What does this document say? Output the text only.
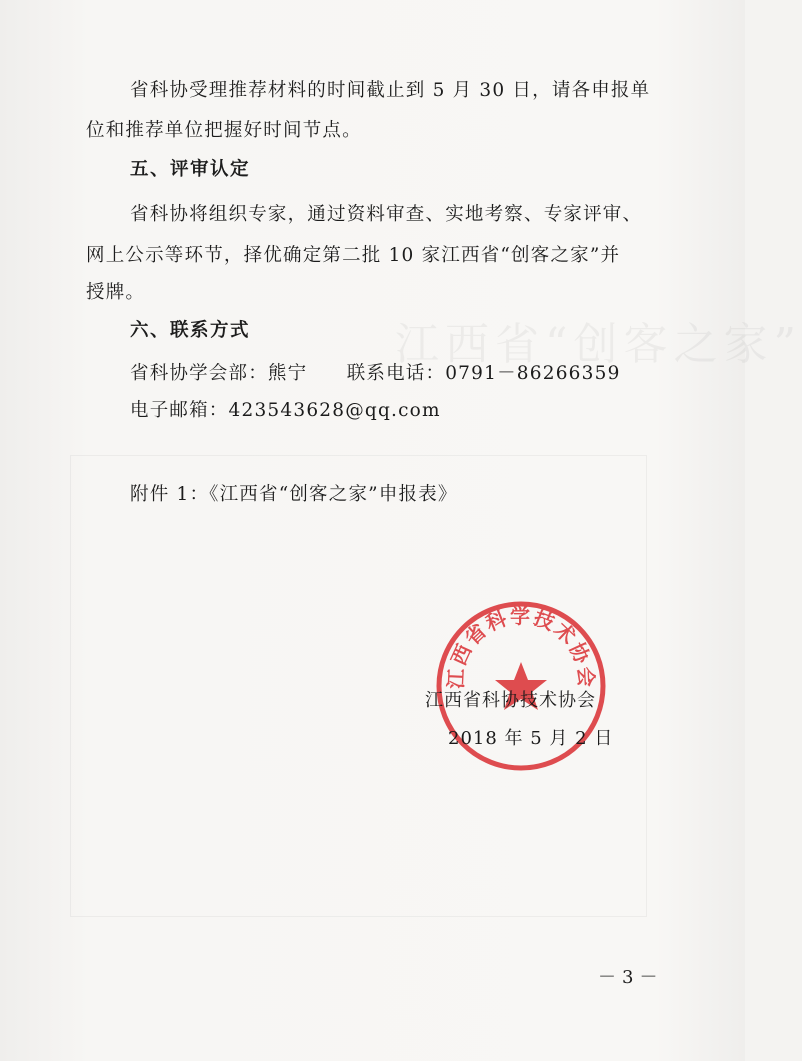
江西省“创客之家”
省科协受理推荐材料的时间截止到 5 月 30 日，请各申报单
位和推荐单位把握好时间节点。
五、评审认定
省科协将组织专家，通过资料审查、实地考察、专家评审、
网上公示等环节，择优确定第二批 10 家江西省“创客之家”并
授牌。
六、联系方式
省科协学会部：熊宁　　联系电话：0791－86266359
电子邮箱：423543628@qq.com
附件 1：《江西省“创客之家”申报表》
江西省科学技术协会
江西省科协技术协会
2018 年 5 月 2 日
－3－
